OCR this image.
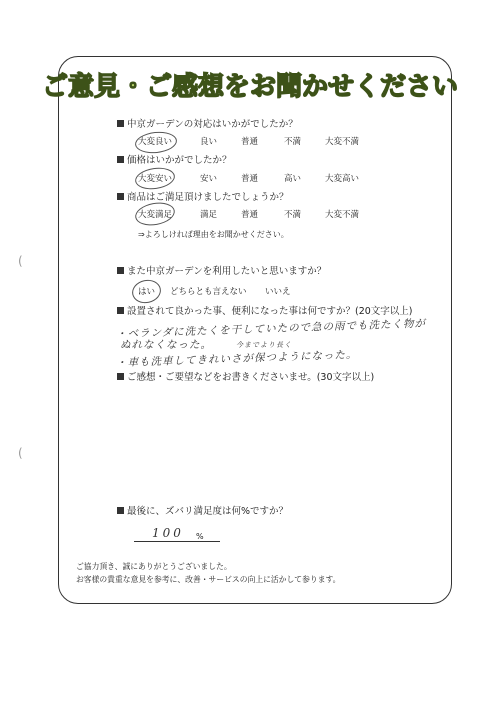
ご意見・ご感想をお聞かせください
中京ガーデンの対応はいかがでしたか？
大変良い	良い	普通	不満	大変不満
価格はいかがでしたか？
大変安い	安い	普通	高い	大変高い
商品はご満足頂けましたでしょうか？
大変満足	満足	普通	不満	大変不満
⇒よろしければ理由をお聞かせください。
また中京ガーデンを利用したいと思いますか？
はい どちらとも言えない いいえ
設置されて良かった事、便利になった事は何ですか？(20文字以上)
・ベランダに洗たくを干していたので急の雨でも洗たく物が
ぬれなくなった。	今までより長く
・車も洗車してきれいさが保つようになった。
ご感想・ご要望などをお書きくださいませ。(30文字以上)
最後に、ズバリ満足度は何%ですか？
100 %
ご協力頂き、誠にありがとうございました。
お客様の貴重な意見を参考に、改善・サービスの向上に活かして参ります。
(
(
